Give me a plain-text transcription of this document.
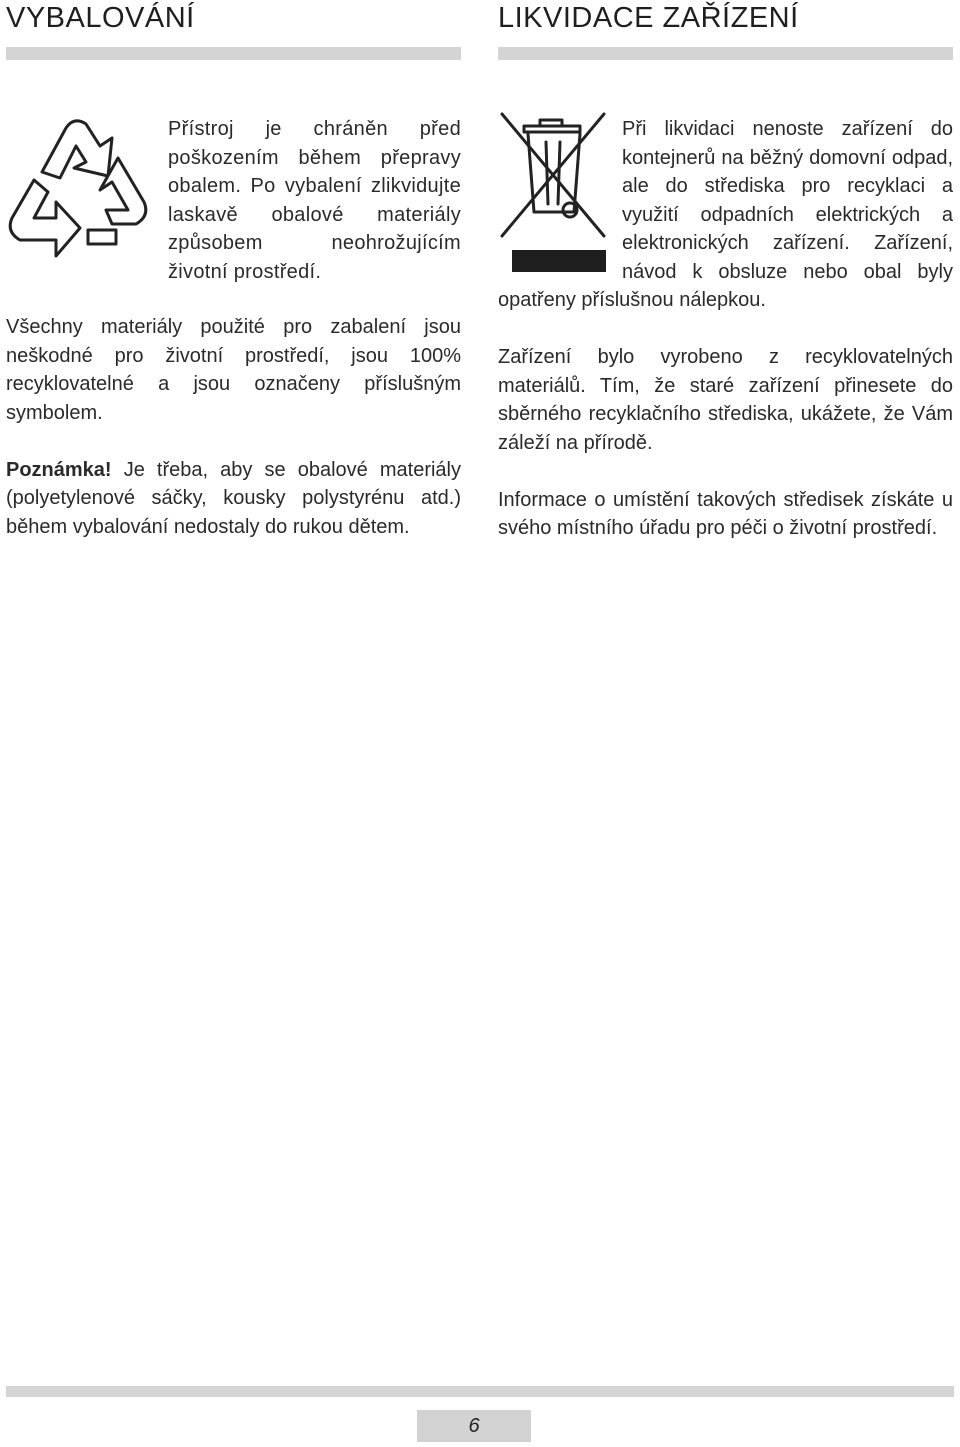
VYBALOVÁNÍ

Přístroj je chráněn před poškozením během přepravy obalem. Po vybalení zlikvidujte laskavě obalové materiály způsobem neohrožujícím životní prostředí.

Všechny materiály použité pro zabalení jsou neškodné pro životní prostředí, jsou 100% recyklovatelné a jsou označeny příslušným symbolem.

Poznámka! Je třeba, aby se obalové materiály (polyetylenové sáčky, kousky polystyrénu atd.) během vybalování nedostaly do rukou dětem.

LIKVIDACE ZAŘÍZENÍ

Při likvidaci nenoste zařízení do kontejnerů na běžný domovní odpad, ale do střediska pro recyklaci a využití odpadních elektrických a elektronických zařízení. Zařízení, návod k obsluze nebo obal byly opatřeny příslušnou nálepkou.

Zařízení bylo vyrobeno z recyklovatelných materiálů. Tím, že staré zařízení přinesete do sběrného recyklačního střediska, ukážete, že Vám záleží na přírodě.

Informace o umístění takových středisek získáte u svého místního úřadu pro péči o životní prostředí.

6
